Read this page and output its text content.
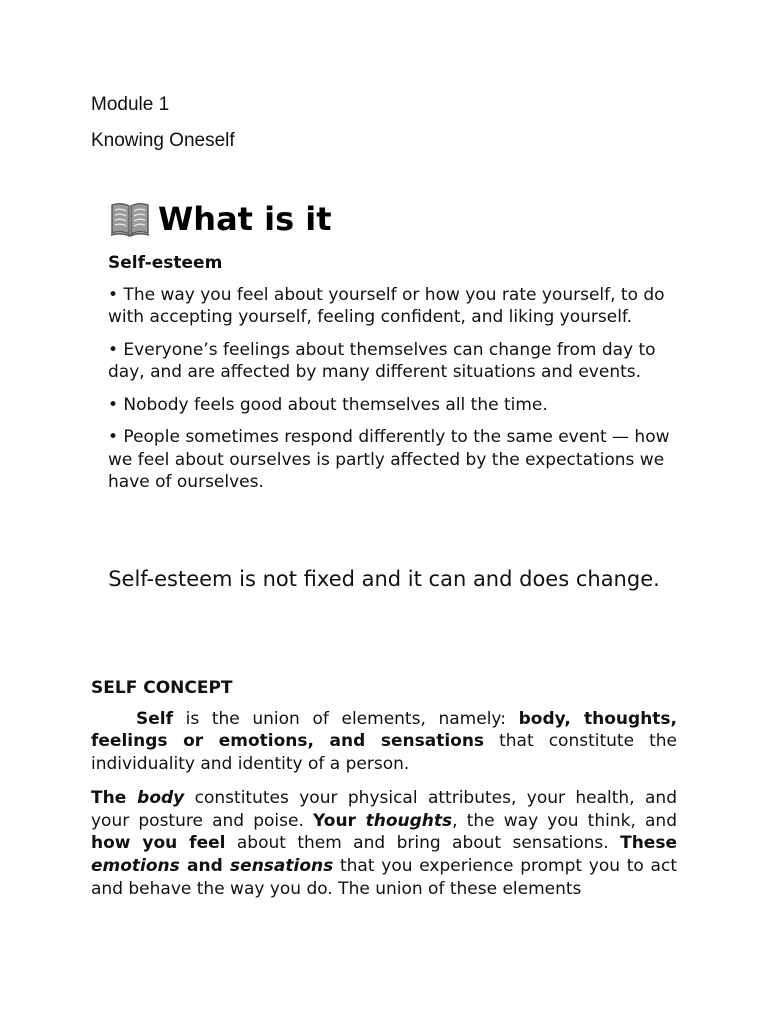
Module 1
Knowing Oneself
What is it
Self-esteem
• The way you feel about yourself or how you rate yourself, to do with accepting yourself, feeling confident, and liking yourself.
• Everyone’s feelings about themselves can change from day to day, and are affected by many different situations and events.
• Nobody feels good about themselves all the time.
• People sometimes respond differently to the same event — how we feel about ourselves is partly affected by the expectations we have of ourselves.
Self-esteem is not fixed and it can and does change.
SELF CONCEPT

Self is the union of elements, namely: body, thoughts, feelings or emotions, and sensations that constitute the individuality and identity of a person.

The body constitutes your physical attributes, your health, and your posture and poise. Your thoughts, the way you think, and how you feel about them and bring about sensations. These emotions and sensations that you experience prompt you to act and behave the way you do. The union of these elements
